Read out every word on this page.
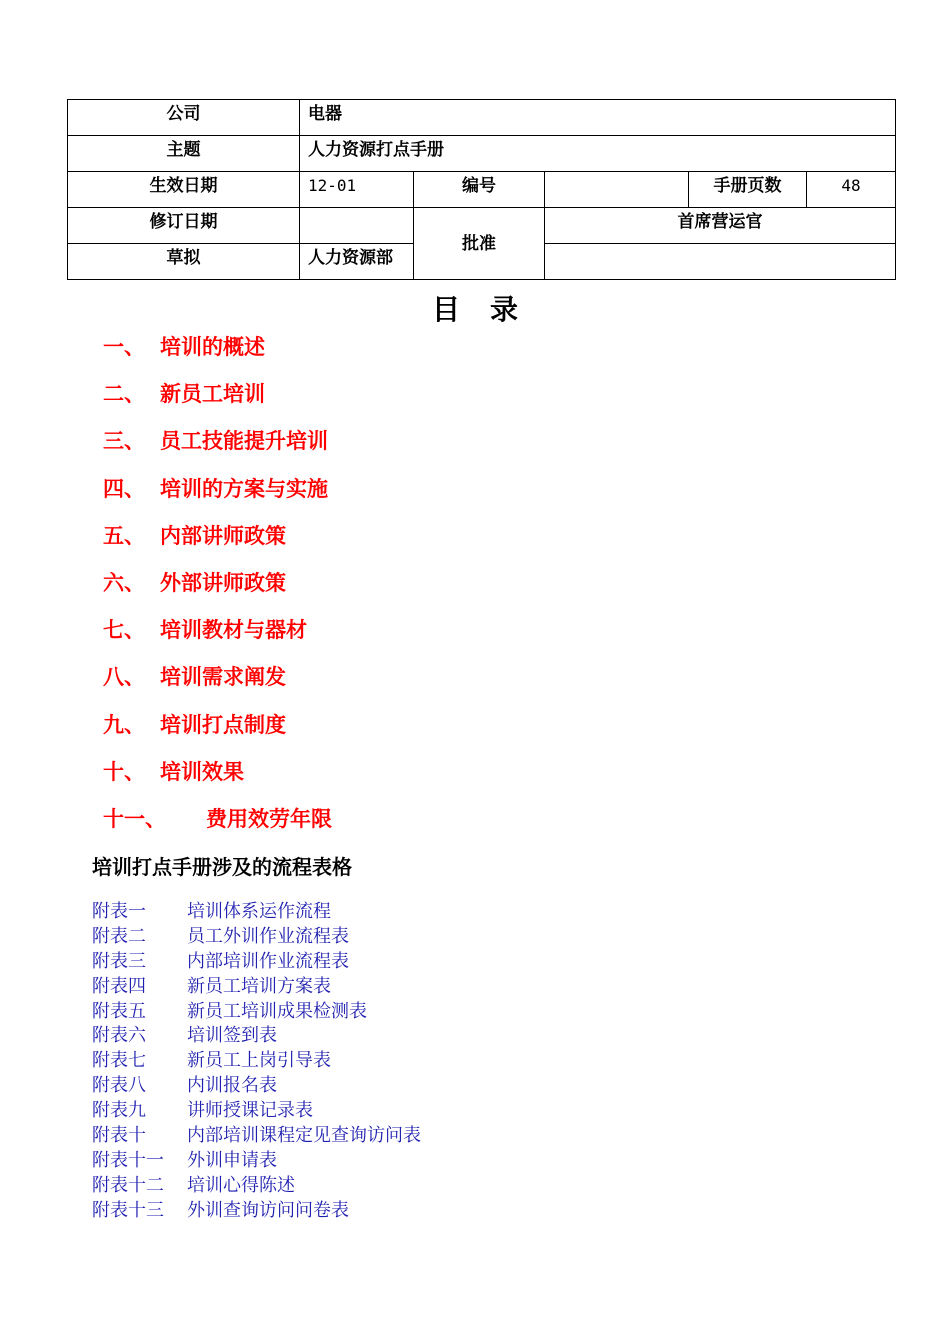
公司	电器				
主题	人力资源打点手册				
生效日期	12-01	编号		手册页数	48
修订日期		批准	首席营运官		
草拟	人力资源部				
目录
一、 培训的概述
二、 新员工培训
三、 员工技能提升培训
四、 培训的方案与实施
五、 内部讲师政策
六、 外部讲师政策
七、 培训教材与器材
八、 培训需求阐发
九、 培训打点制度
十、 培训效果
十一、	费用效劳年限
培训打点手册涉及的流程表格
附表一	培训体系运作流程
附表二	员工外训作业流程表
附表三	内部培训作业流程表
附表四	新员工培训方案表
附表五	新员工培训成果检测表
附表六	培训签到表
附表七	新员工上岗引导表
附表八	内训报名表
附表九	讲师授课记录表
附表十	内部培训课程定见查询访问表
附表十一	外训申请表
附表十二	培训心得陈述
附表十三	外训查询访问问卷表
